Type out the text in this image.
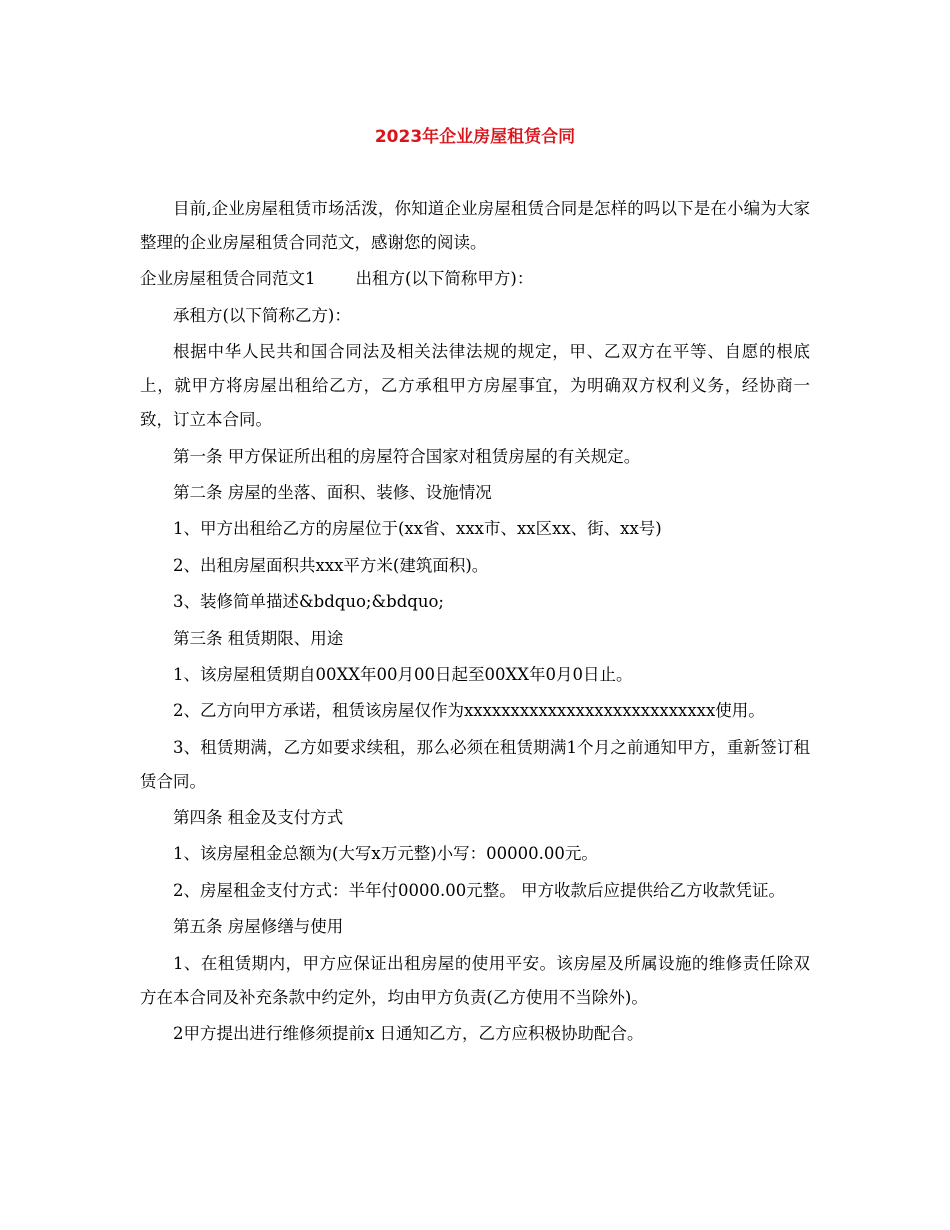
2023年企业房屋租赁合同

目前,企业房屋租赁市场活泼，你知道企业房屋租赁合同是怎样的吗以下是在小编为大家整理的企业房屋租赁合同范文，感谢您的阅读。

企业房屋租赁合同范文1 出租方(以下简称甲方)：

承租方(以下简称乙方)：

根据中华人民共和国合同法及相关法律法规的规定，甲、乙双方在平等、自愿的根底上，就甲方将房屋出租给乙方，乙方承租甲方房屋事宜，为明确双方权利义务，经协商一致，订立本合同。

第一条 甲方保证所出租的房屋符合国家对租赁房屋的有关规定。

第二条 房屋的坐落、面积、装修、设施情况

1、甲方出租给乙方的房屋位于(xx省、xxx市、xx区xx、街、xx号)

2、出租房屋面积共xxx平方米(建筑面积)。

3、装修简单描述&bdquo;&bdquo;

第三条 租赁期限、用途

1、该房屋租赁期自00XX年00月00日起至00XX年0月0日止。

2、乙方向甲方承诺，租赁该房屋仅作为xxxxxxxxxxxxxxxxxxxxxxxxxxx使用。

3、租赁期满，乙方如要求续租，那么必须在租赁期满1个月之前通知甲方，重新签订租赁合同。

第四条 租金及支付方式

1、该房屋租金总额为(大写x万元整)小写：00000.00元。

2、房屋租金支付方式：半年付0000.00元整。 甲方收款后应提供给乙方收款凭证。

第五条 房屋修缮与使用

1、在租赁期内，甲方应保证出租房屋的使用平安。该房屋及所属设施的维修责任除双方在本合同及补充条款中约定外，均由甲方负责(乙方使用不当除外)。

2甲方提出进行维修须提前x 日通知乙方，乙方应积极协助配合。
